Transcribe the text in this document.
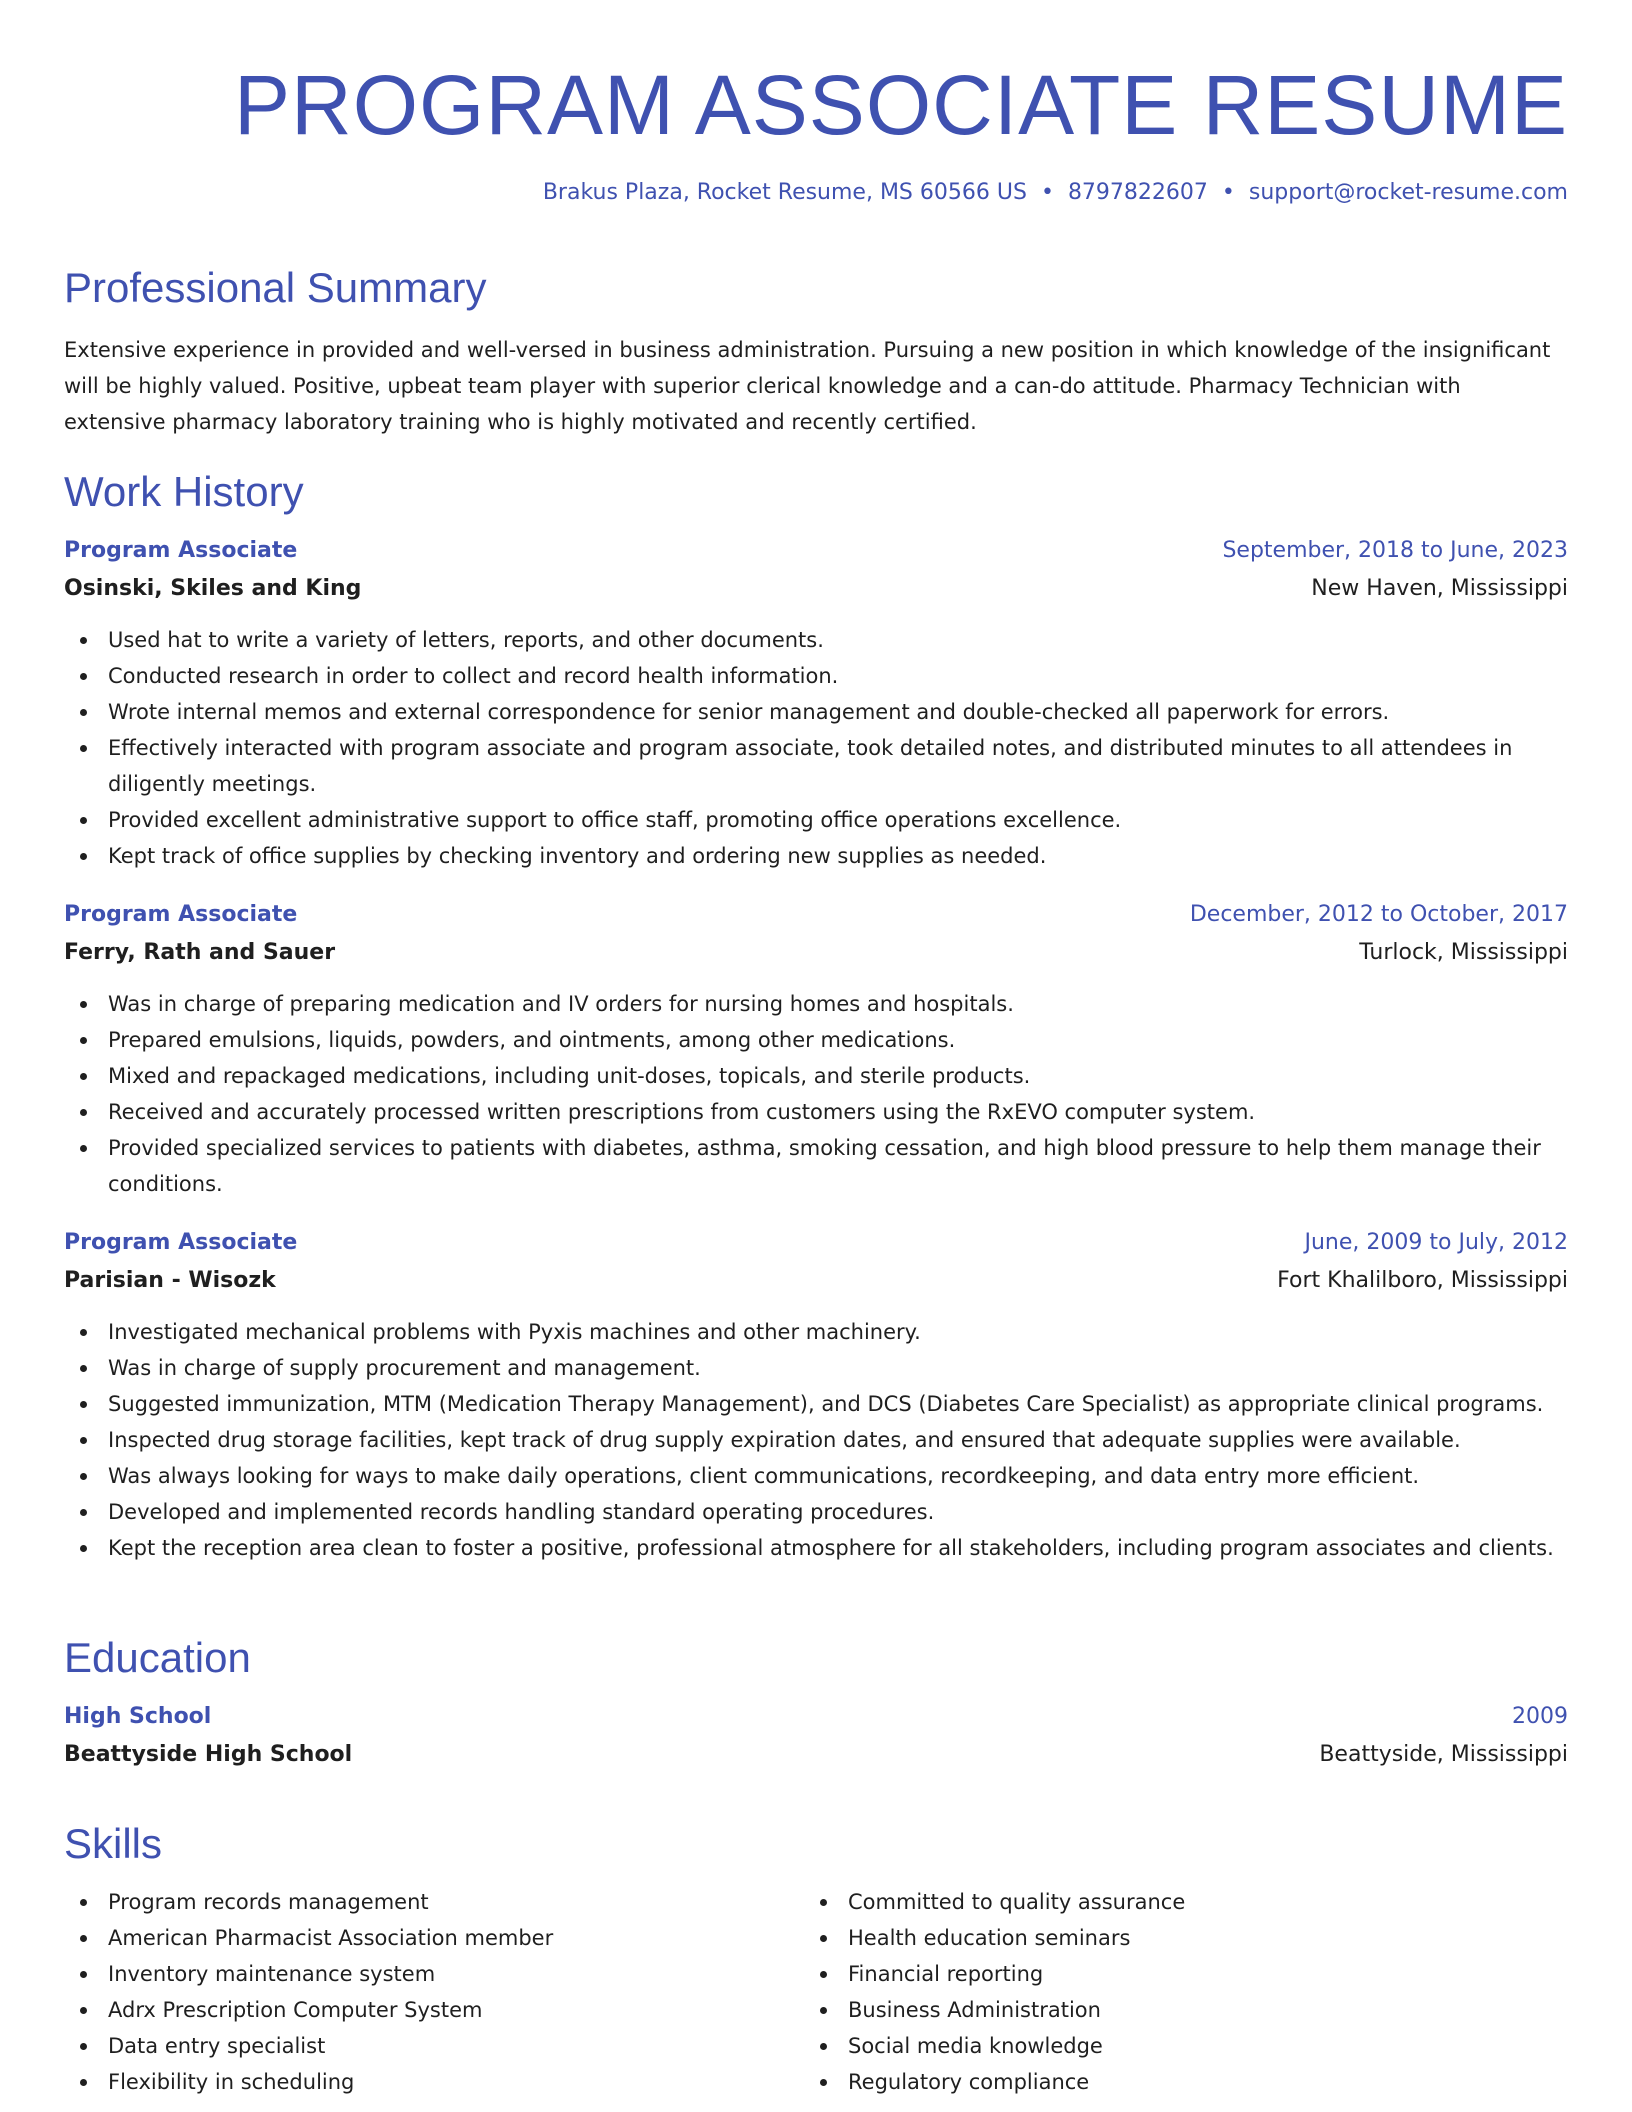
PROGRAM ASSOCIATE RESUME
Brakus Plaza, Rocket Resume, MS 60566 US • 8797822607 • support@rocket-resume.com
Professional Summary

Extensive experience in provided and well-versed in business administration. Pursuing a new position in which knowledge of the insignificant will be highly valued. Positive, upbeat team player with superior clerical knowledge and a can-do attitude. Pharmacy Technician with extensive pharmacy laboratory training who is highly motivated and recently certified.

Work History
Program Associate	September, 2018 to June, 2023
Osinski, Skiles and King	New Haven, Mississippi
Used hat to write a variety of letters, reports, and other documents.
Conducted research in order to collect and record health information.
Wrote internal memos and external correspondence for senior management and double-checked all paperwork for errors.
Effectively interacted with program associate and program associate, took detailed notes, and distributed minutes to all attendees in diligently meetings.
Provided excellent administrative support to office staff, promoting office operations excellence.
Kept track of office supplies by checking inventory and ordering new supplies as needed.
Program Associate	December, 2012 to October, 2017
Ferry, Rath and Sauer	Turlock, Mississippi
Was in charge of preparing medication and IV orders for nursing homes and hospitals.
Prepared emulsions, liquids, powders, and ointments, among other medications.
Mixed and repackaged medications, including unit-doses, topicals, and sterile products.
Received and accurately processed written prescriptions from customers using the RxEVO computer system.
Provided specialized services to patients with diabetes, asthma, smoking cessation, and high blood pressure to help them manage their conditions.
Program Associate	June, 2009 to July, 2012
Parisian - Wisozk	Fort Khalilboro, Mississippi
Investigated mechanical problems with Pyxis machines and other machinery.
Was in charge of supply procurement and management.
Suggested immunization, MTM (Medication Therapy Management), and DCS (Diabetes Care Specialist) as appropriate clinical programs.
Inspected drug storage facilities, kept track of drug supply expiration dates, and ensured that adequate supplies were available.
Was always looking for ways to make daily operations, client communications, recordkeeping, and data entry more efficient.
Developed and implemented records handling standard operating procedures.
Kept the reception area clean to foster a positive, professional atmosphere for all stakeholders, including program associates and clients.
Education
High School	2009
Beattyside High School	Beattyside, Mississippi
Skills
Program records management
American Pharmacist Association member
Inventory maintenance system
Adrx Prescription Computer System
Data entry specialist
Flexibility in scheduling
Committed to quality assurance
Health education seminars
Financial reporting
Business Administration
Social media knowledge
Regulatory compliance
